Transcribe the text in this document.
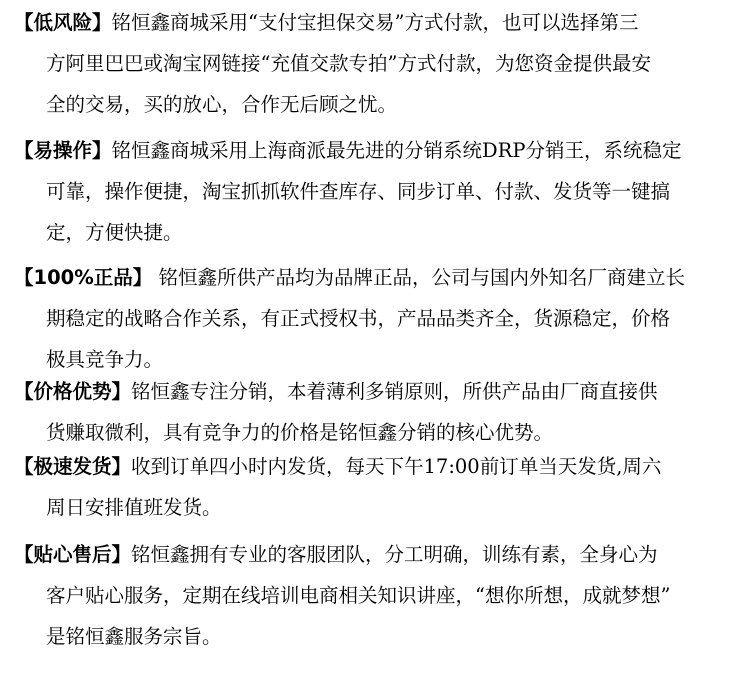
【低风险】铭恒鑫商城采用“支付宝担保交易”方式付款，也可以选择第三
方阿里巴巴或淘宝网链接“充值交款专拍”方式付款，为您资金提供最安
全的交易，买的放心，合作无后顾之忧。
【易操作】铭恒鑫商城采用上海商派最先进的分销系统DRP分销王，系统稳定
可靠，操作便捷，淘宝抓抓软件查库存、同步订单、付款、发货等一键搞
定，方便快捷。
【100%正品】 铭恒鑫所供产品均为品牌正品，公司与国内外知名厂商建立长
期稳定的战略合作关系，有正式授权书，产品品类齐全，货源稳定，价格
极具竞争力。
【价格优势】铭恒鑫专注分销，本着薄利多销原则，所供产品由厂商直接供
货赚取微利，具有竞争力的价格是铭恒鑫分销的核心优势。
【极速发货】收到订单四小时内发货，每天下午17:00前订单当天发货,周六
周日安排值班发货。
【贴心售后】铭恒鑫拥有专业的客服团队，分工明确，训练有素，全身心为
客户贴心服务，定期在线培训电商相关知识讲座，“想你所想，成就梦想”
是铭恒鑫服务宗旨。
